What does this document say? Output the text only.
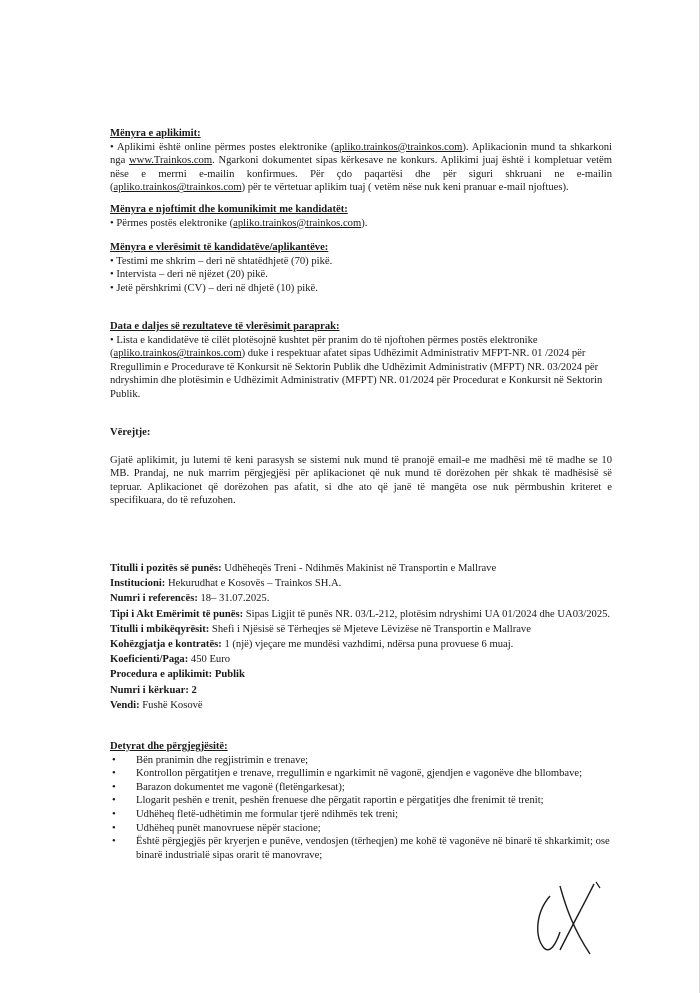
Mënyra e aplikimit:

• Aplikimi është online përmes postes elektronike (apliko.trainkos@trainkos.com). Aplikacionin mund ta shkarkoni nga www.Trainkos.com. Ngarkoni dokumentet sipas kërkesave ne konkurs. Aplikimi juaj është i kompletuar vetëm nëse e merrni e-mailin konfirmues. Për çdo paqartësi dhe për siguri shkruani ne e-mailin (apliko.trainkos@trainkos.com) për te vërtetuar aplikim tuaj ( vetëm nëse nuk keni pranuar e-mail njoftues).

Mënyra e njoftimit dhe komunikimit me kandidatët:

• Përmes postës elektronike (apliko.trainkos@trainkos.com).

Mënyra e vlerësimit të kandidatëve/aplikantëve:
• Testimi me shkrim – deri në shtatëdhjetë (70) pikë.
• Intervista – deri në njëzet (20) pikë.
• Jetë përshkrimi (CV) – deri në dhjetë (10) pikë.
Data e daljes së rezultateve të vlerësimit paraprak:

• Lista e kandidatëve të cilët plotësojnë kushtet për pranim do të njoftohen përmes postës elektronike (apliko.trainkos@trainkos.com) duke i respektuar afatet sipas Udhëzimit Administrativ MFPT-NR. 01 /2024 për Rregullimin e Procedurave të Konkursit në Sektorin Publik dhe Udhëzimit Administrativ (MFPT) NR. 03/2024 për ndryshimin dhe plotësimin e Udhëzimit Administrativ (MFPT) NR. 01/2024 për Procedurat e Konkursit në Sektorin Publik.

Vërejtje:

Gjatë aplikimit, ju lutemi të keni parasysh se sistemi nuk mund të pranojë email-e me madhësi më të madhe se 10 MB. Prandaj, ne nuk marrim përgjegjësi për aplikacionet që nuk mund të dorëzohen për shkak të madhësisë së tepruar. Aplikacionet që dorëzohen pas afatit, si dhe ato që janë të mangëta ose nuk përmbushin kriteret e specifikuara, do të refuzohen.

Titulli i pozitës së punës: Udhëheqës Treni - Ndihmës Makinist në Transportin e Mallrave

Institucioni: Hekurudhat e Kosovës – Trainkos SH.A.

Numri i referencës: 18– 31.07.2025.

Tipi i Akt Emërimit të punës: Sipas Ligjit të punës NR. 03/L-212, plotësim ndryshimi UA 01/2024 dhe UA03/2025.

Titulli i mbikëqyrësit: Shefi i Njësisë së Tërheqjes së Mjeteve Lëvizëse në Transportin e Mallrave

Kohëzgjatja e kontratës: 1 (një) vjeçare me mundësi vazhdimi, ndërsa puna provuese 6 muaj.

Koeficienti/Paga: 450 Euro

Procedura e aplikimit: Publik

Numri i kërkuar: 2

Vendi: Fushë Kosovë

Detyrat dhe përgjegjësitë:
• Bën pranimin dhe regjistrimin e trenave;
• Kontrollon përgatitjen e trenave, rregullimin e ngarkimit në vagonë, gjendjen e vagonëve dhe bllombave;
• Barazon dokumentet me vagonë (fletëngarkesat);
• Llogarit peshën e trenit, peshën frenuese dhe përgatit raportin e përgatitjes dhe frenimit të trenit;
• Udhëheq fletë-udhëtimin me formular tjerë ndihmës tek treni;
• Udhëheq punët manovruese nëpër stacione;
• Është përgjegjës për kryerjen e punëve, vendosjen (tërheqjen) me kohë të vagonëve në binarë të shkarkimit; ose binarë industrialë sipas orarit të manovrave;
